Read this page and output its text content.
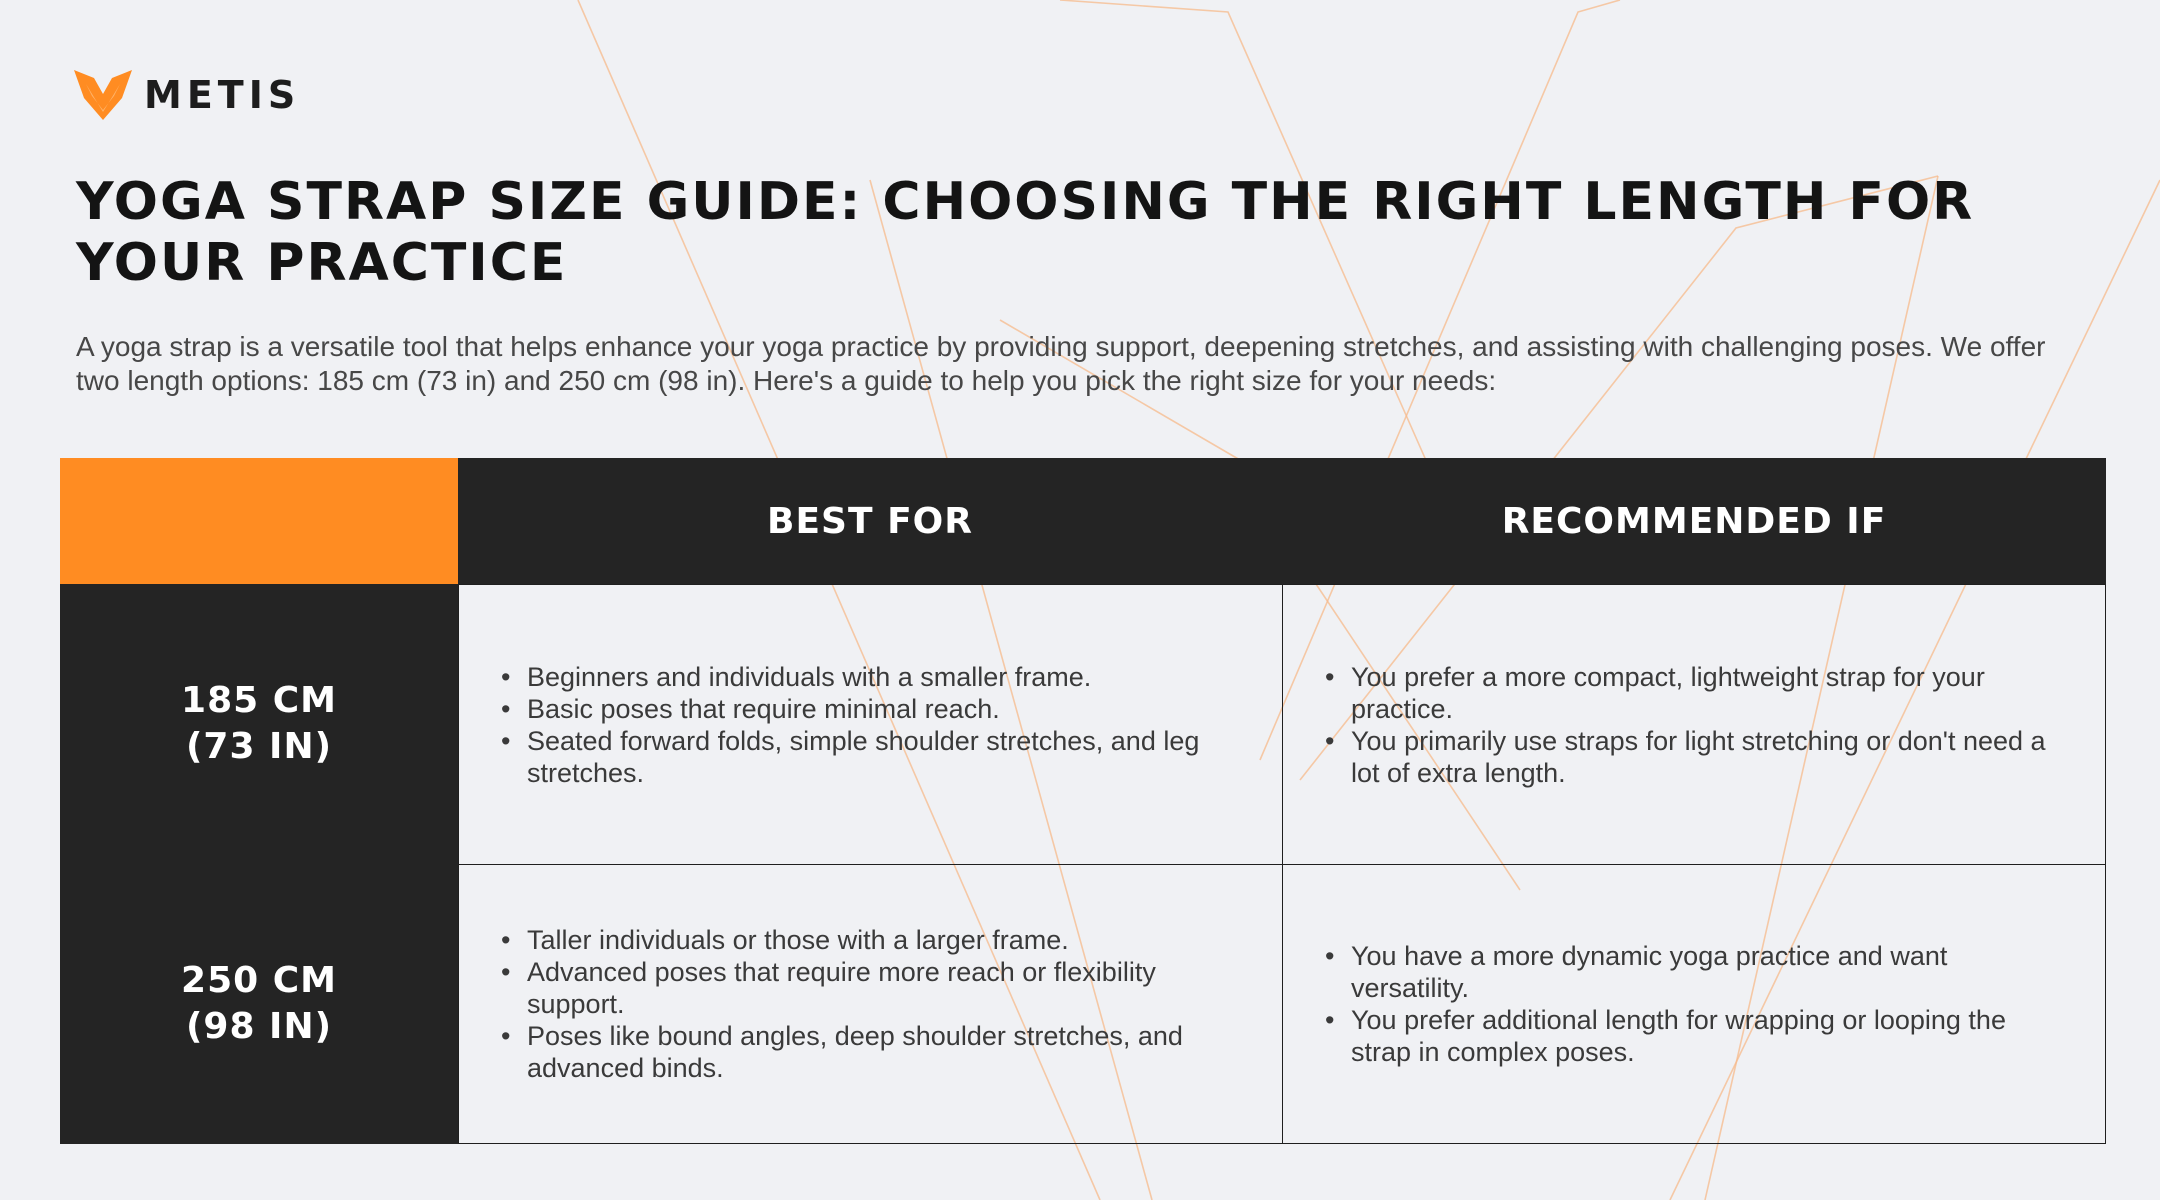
METIS
YOGA STRAP SIZE GUIDE: CHOOSING THE RIGHT LENGTH FOR YOUR PRACTICE

A yoga strap is a versatile tool that helps enhance your yoga practice by providing support, deepening stretches, and assisting with challenging poses. We offer two length options: 185 cm (73 in) and 250 cm (98 in). Here's a guide to help you pick the right size for your needs:

BEST FOR	RECOMMENDED IF
185 CM
(73 IN)
• Beginners and individuals with a smaller frame.
• Basic poses that require minimal reach.
• Seated forward folds, simple shoulder stretches, and leg stretches.
• You prefer a more compact, lightweight strap for your practice.
• You primarily use straps for light stretching or don't need a lot of extra length.
250 CM
(98 IN)
• Taller individuals or those with a larger frame.
• Advanced poses that require more reach or flexibility support.
• Poses like bound angles, deep shoulder stretches, and advanced binds.
• You have a more dynamic yoga practice and want versatility.
• You prefer additional length for wrapping or looping the strap in complex poses.
